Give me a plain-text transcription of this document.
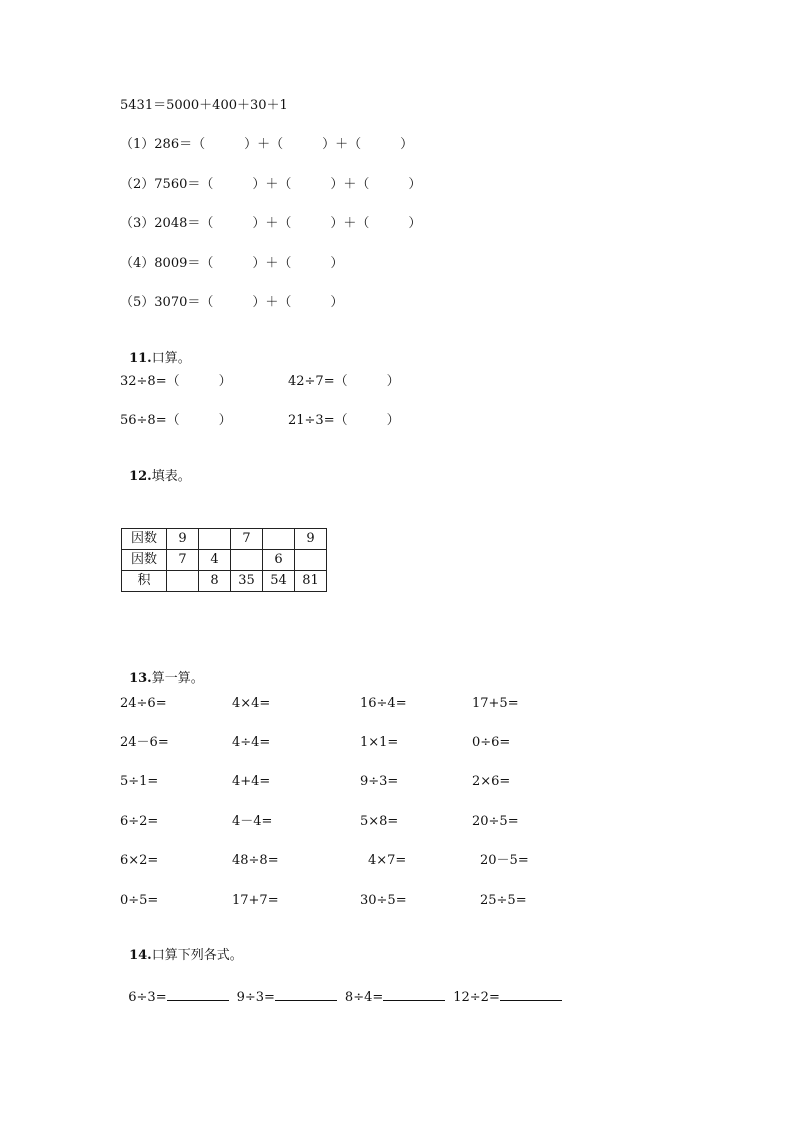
5431＝5000＋400＋30＋1
（1）286＝（　　　）＋（　　　）＋（　　　）
（2）7560＝（　　　）＋（　　　）＋（　　　）
（3）2048＝（　　　）＋（　　　）＋（　　　）
（4）8009＝（　　　）＋（　　　）
（5）3070＝（　　　）＋（　　　）

11.口算。

32÷8=（　　　）	42÷7=（　　　）
56÷8=（　　　）	21÷3=（　　　）

12.填表。

因数	9		7		9
因数	7	4		6	
积		8	35	54	81

13.算一算。

24÷6=	4×4=	16÷4=	17+5=
24－6=	4÷4=	1×1=	0÷6=
5÷1=	4+4=	9÷3=	2×6=
6÷2=	4－4=	5×8=	20÷5=
6×2=	48÷8=	4×7=	20－5=
0÷5=	17+7=	30÷5=	25÷5=

14.口算下列各式。

6÷3=	9÷3=	8÷4=	12÷2=
